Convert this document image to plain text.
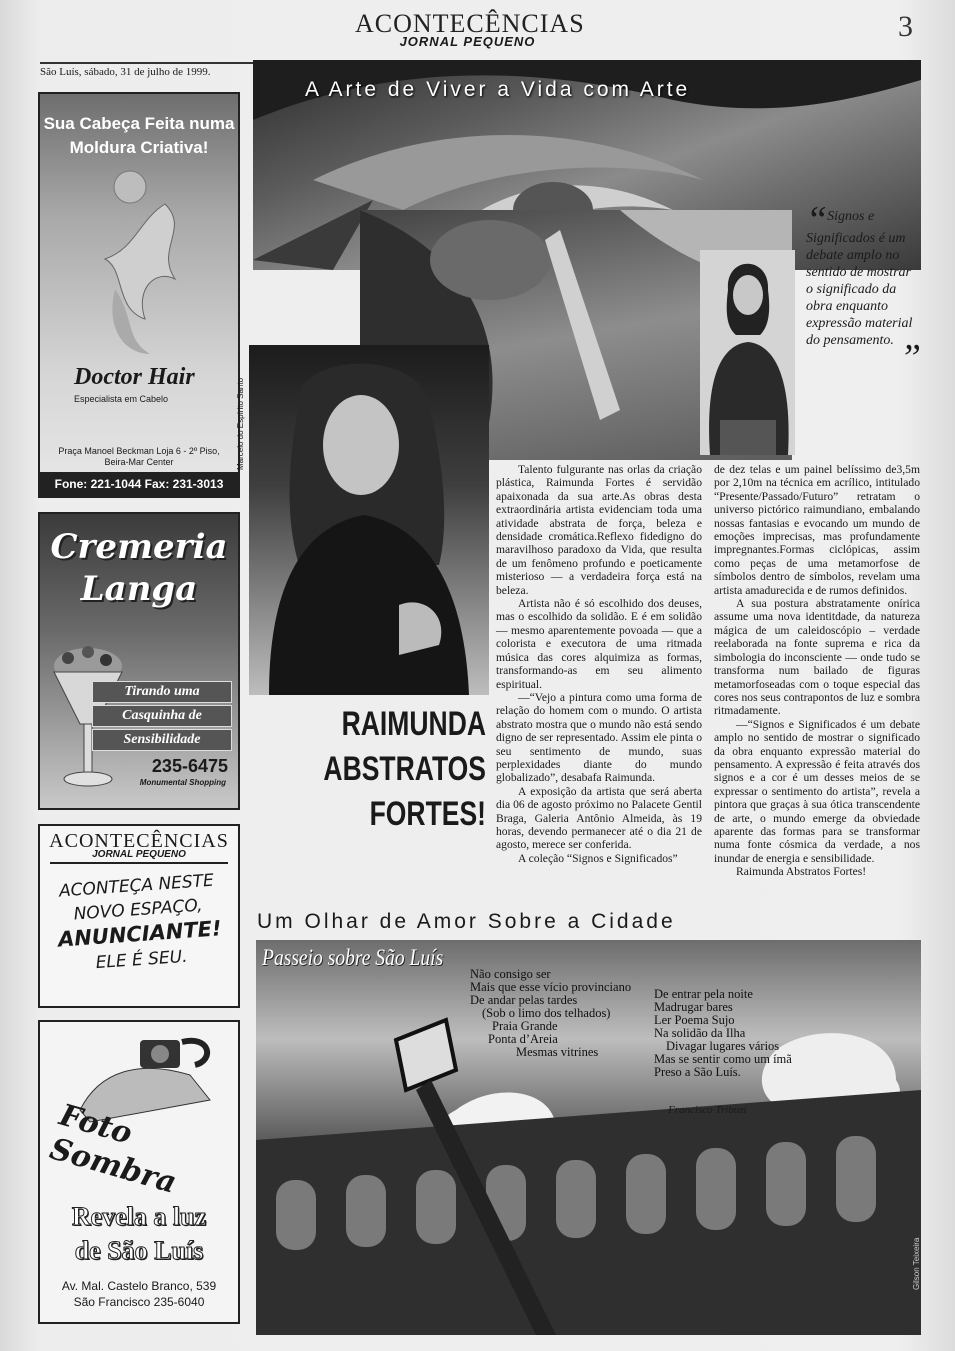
ACONTECÊNCIAS
JORNAL PEQUENO	3
São Luís, sábado, 31 de julho de 1999.
Sua Cabeça Feita numa
Moldura Criativa!
Doctor Hair
Especialista em Cabelo
Praça Manoel Beckman Loja 6 - 2º Piso,
Beira-Mar Center
Fone: 221-1044 Fax: 231-3013
Cremeria
Langa
Tirando uma
Casquinha de
Sensibilidade
235-6475
Monumental Shopping
ACONTECÊNCIAS
JORNAL PEQUENO
ACONTEÇA NESTE
NOVO ESPAÇO,
ANUNCIANTE!
ELE É SEU.
Foto Sombra
Revela a luz
de São Luís
Av. Mal. Castelo Branco, 539
São Francisco 235-6040
A Arte de Viver a Vida com Arte
“Signos e Significados é um debate amplo no sentido de mostrar o significado da obra enquanto expressão material do pensamento. ”
Marcelo do Espírito Santo
RAIMUNDA
ABSTRATOS
FORTES!

Talento fulgurante nas orlas da criação plástica, Raimunda Fortes é servidão apaixonada da sua arte.As obras desta extraordinária artista evidenciam toda uma atividade abstrata de força, beleza e densidade cromática.Reflexo fidedigno do maravilhoso paradoxo da Vida, que resulta de um fenômeno profundo e poeticamente misterioso — a verdadeira força está na beleza.

Artista não é só escolhido dos deuses, mas o escolhido da solidão. E é em solidão — mesmo aparentemente povoada — que a colorista e executora de uma ritmada música das cores alquimiza as formas, transformando-as em seu alimento espiritual.

—“Vejo a pintura como uma forma de relação do homem com o mundo. O artista abstrato mostra que o mundo não está sendo digno de ser representado. Assim ele pinta o seu sentimento de mundo, suas perplexidades diante do mundo globalizado”, desabafa Raimunda.

A exposição da artista que será aberta dia 06 de agosto próximo no Palacete Gentil Braga, Galeria Antônio Almeida, às 19 horas, devendo permanecer até o dia 21 de agosto, merece ser conferida.

A coleção “Signos e Significados”

de dez telas e um painel belíssimo de3,5m por 2,10m na técnica em acrílico, intitulado “Presente/Passado/Futuro” retratam o universo pictórico raimundiano, embalando nossas fantasias e evocando um mundo de emoções imprecisas, mas profundamente impregnantes.Formas ciclópicas, assim como peças de uma metamorfose de símbolos dentro de símbolos, revelam uma artista amadurecida e de rumos definidos.

A sua postura abstratamente onírica assume uma nova identitdade, da natureza mágica de um caleidoscópio – verdade reelaborada na fonte suprema e rica da simbologia do inconsciente — onde tudo se transforma num bailado de figuras metamorfoseadas com o toque especial das cores nos seus contrapontos de luz e sombra ritmadamente.

—“Signos e Significados é um debate amplo no sentido de mostrar o significado da obra enquanto expressão material do pensamento. A expressão é feita através dos signos e a cor é um desses meios de se expressar o sentimento do artista”, revela a pintora que graças à sua ótica transcendente de arte, o mundo emerge da obviedade aparente das formas para se transformar numa fonte cósmica da verdade, a nos inundar de energia e sensibilidade.

Raimunda Abstratos Fortes!

Um Olhar de Amor Sobre a Cidade
Passeio sobre São Luís
Não consigo ser
Mais que esse vício provinciano
De andar pelas tardes
(Sob o limo dos telhados)
Praia Grande
Ponta d’Areia
Mesmas vitrines
De entrar pela noite
Madrugar bares
Ler Poema Sujo
Na solidão da Ilha
Divagar lugares vários
Mas se sentir como um ímã
Preso a São Luís.
Francisco Tribuzi
Gilson Teixeira
